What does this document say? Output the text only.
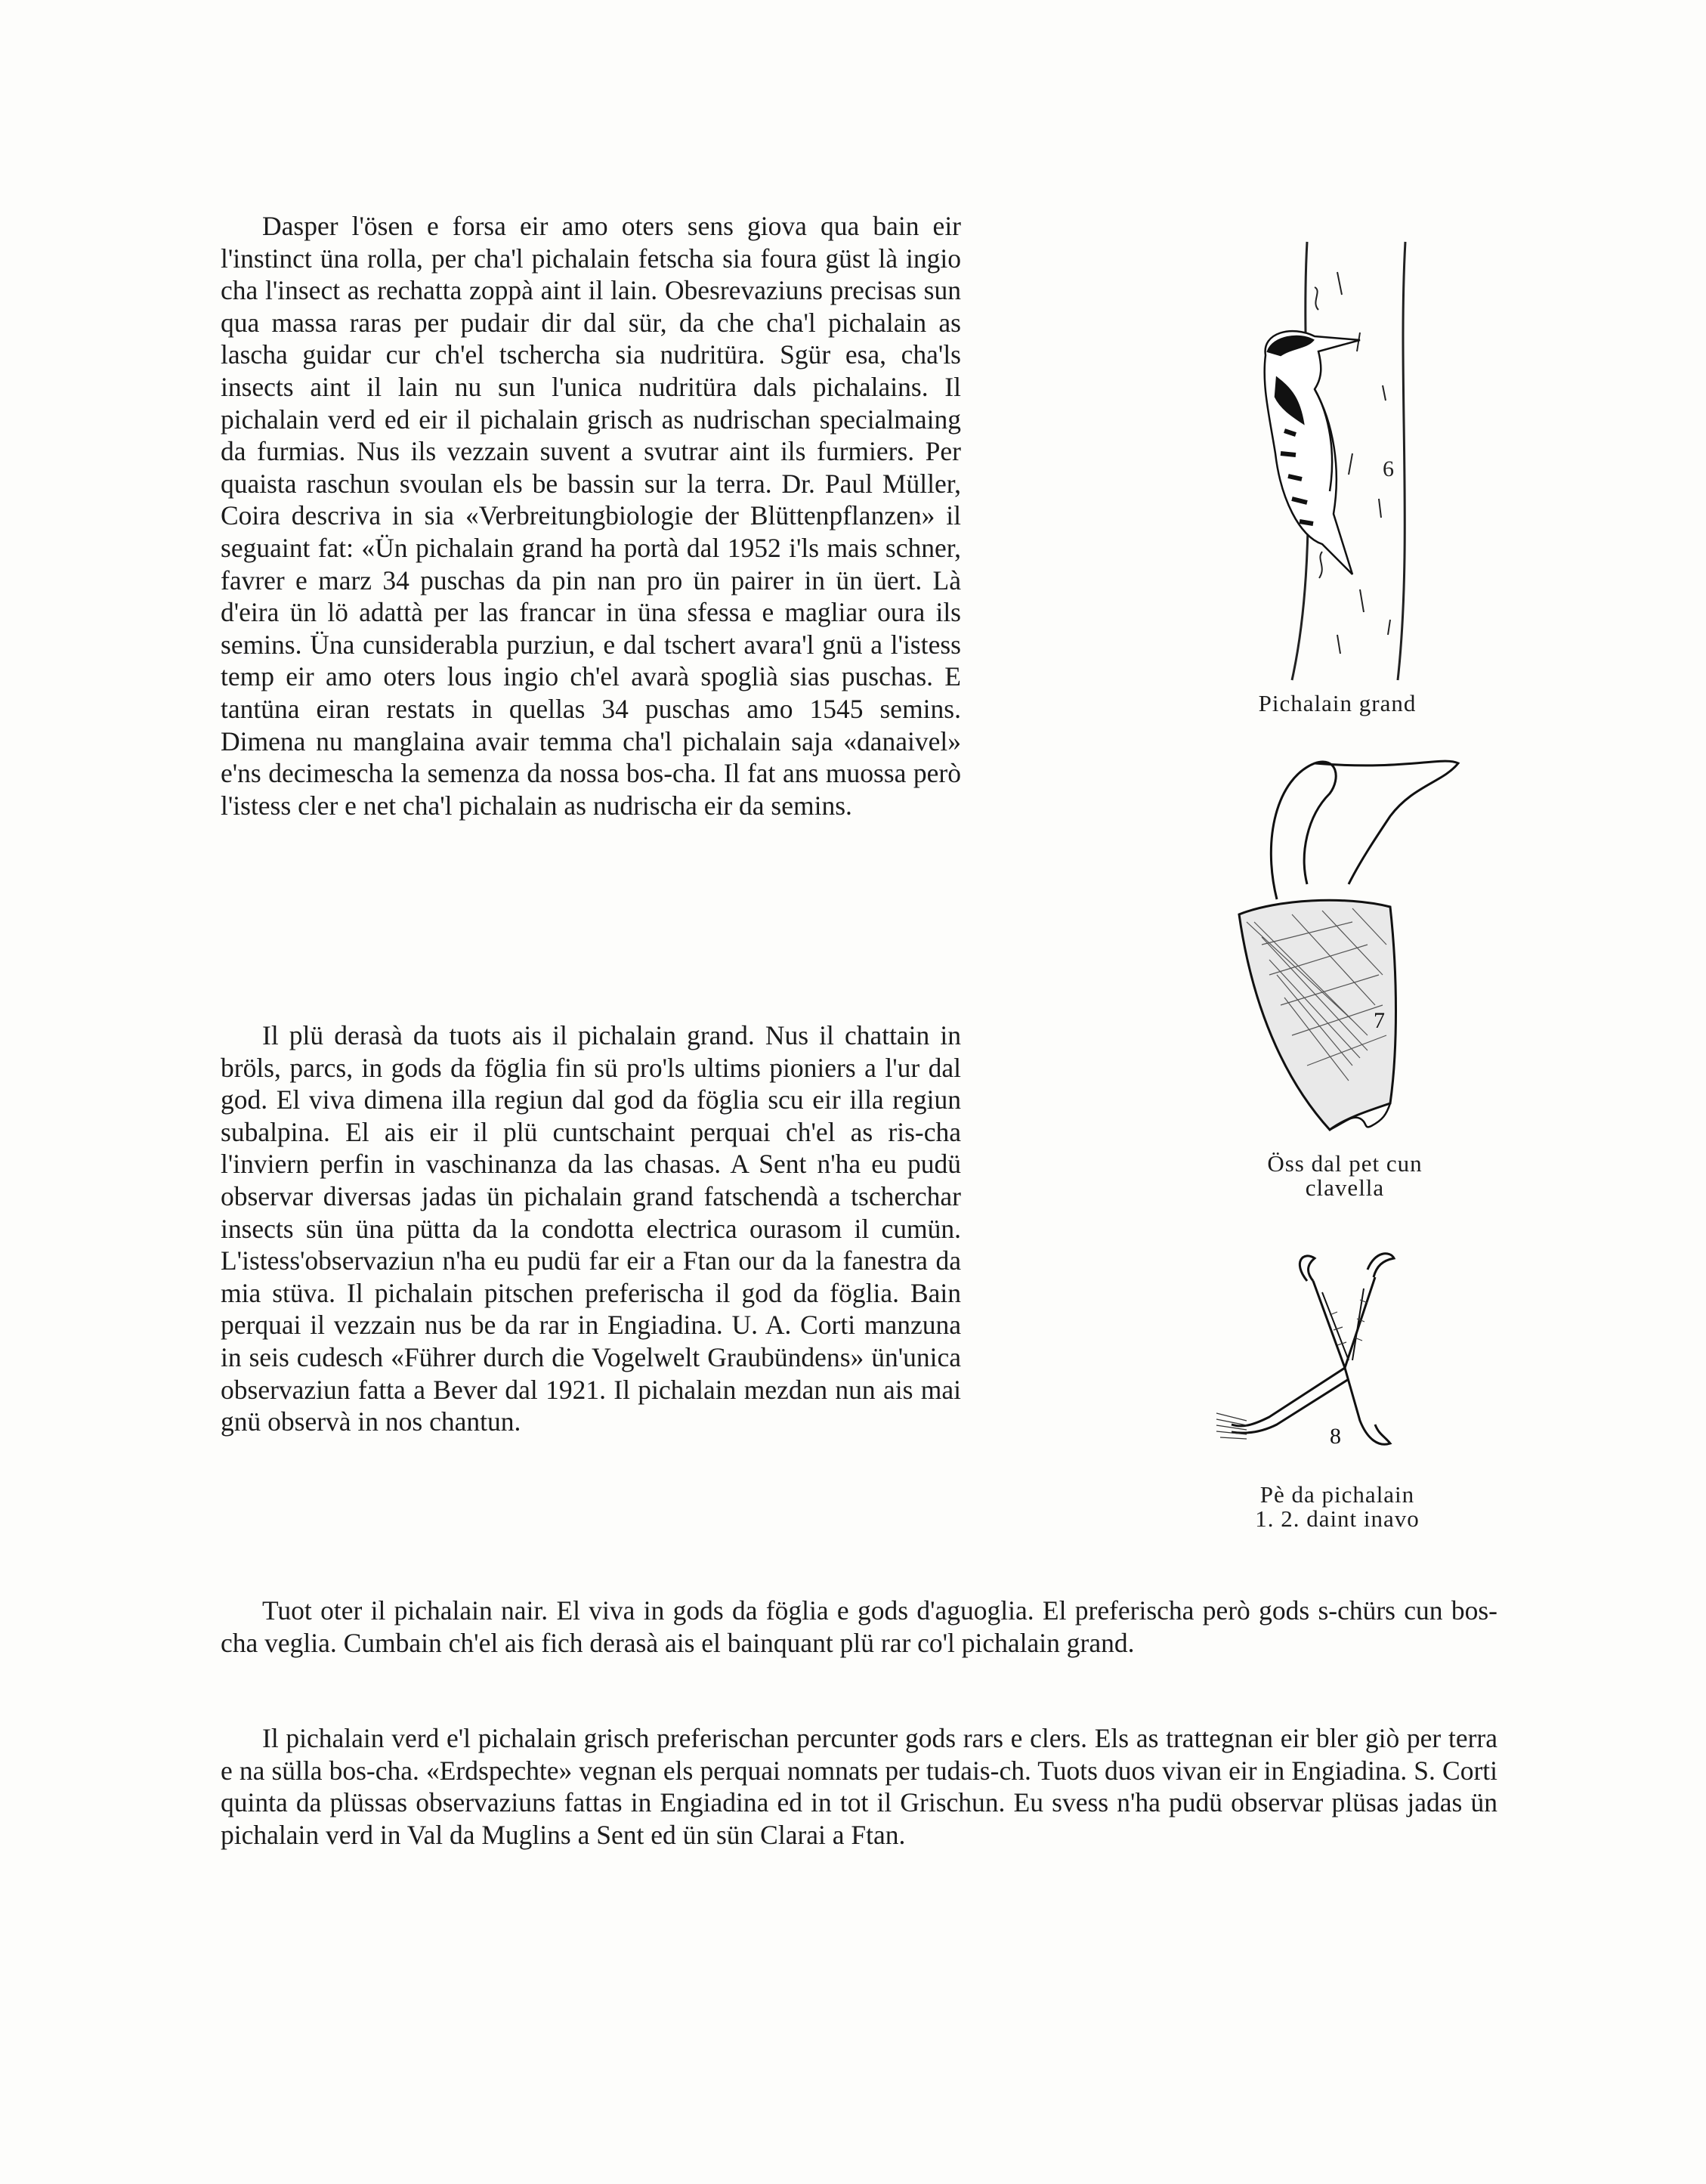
Dasper l'ösen e forsa eir amo oters sens giova qua bain eir l'instinct üna rolla, per cha'l pichalain fetscha sia foura güst là ingio cha l'insect as rechatta zoppà aint il lain. Obesrevaziuns precisas sun qua massa raras per pudair dir dal sür, da che cha'l pichalain as lascha guidar cur ch'el tschercha sia nudritüra. Sgür esa, cha'ls insects aint il lain nu sun l'unica nudritüra dals pichalains. Il pichalain verd ed eir il pichalain grisch as nudrischan specialmaing da furmias. Nus ils vezzain suvent a svutrar aint ils furmiers. Per quaista raschun svoulan els be bassin sur la terra. Dr. Paul Müller, Coira descriva in sia «Verbreitungbiologie der Blüttenpflanzen» il seguaint fat: «Ün pichalain grand ha portà dal 1952 i'ls mais schner, favrer e marz 34 puschas da pin nan pro ün pairer in ün üert. Là d'eira ün lö adattà per las francar in üna sfessa e magliar oura ils semins. Üna cunsiderabla purziun, e dal tschert avara'l gnü a l'istess temp eir amo oters lous ingio ch'el avarà spoglià sias puschas. E tantüna eiran restats in quellas 34 puschas amo 1545 semins. Dimena nu manglaina avair temma cha'l pichalain saja «danaivel» e'ns decimescha la semenza da nossa bos-cha. Il fat ans muossa però l'istess cler e net cha'l pichalain as nudrischa eir da semins.

Il plü derasà da tuots ais il pichalain grand. Nus il chattain in bröls, parcs, in gods da föglia fin sü pro'ls ultims pioniers a l'ur dal god. El viva dimena illa regiun dal god da föglia scu eir illa regiun subalpina. El ais eir il plü cuntschaint perquai ch'el as ris-cha l'inviern perfin in vaschinanza da las chasas. A Sent n'ha eu pudü observar diversas jadas ün pichalain grand fatschendà a tscherchar insects sün üna pütta da la condotta electrica ourasom il cumün. L'istess'observaziun n'ha eu pudü far eir a Ftan our da la fanestra da mia stüva. Il pichalain pitschen preferischa il god da föglia. Bain perquai il vezzain nus be da rar in Engiadina. U. A. Corti manzuna in seis cudesch «Führer durch die Vogelwelt Graubündens» ün'unica observaziun fatta a Bever dal 1921. Il pichalain mezdan nun ais mai gnü observà in nos chantun.

Tuot oter il pichalain nair. El viva in gods da föglia e gods d'aguoglia. El preferischa però gods s-chürs cun bos-cha veglia. Cumbain ch'el ais fich derasà ais el bainquant plü rar co'l pichalain grand.

Il pichalain verd e'l pichalain grisch preferischan percunter gods rars e clers. Els as trattegnan eir bler giò per terra e na sülla bos-cha. «Erdspechte» vegnan els perquai nomnats per tudais-ch. Tuots duos vivan eir in Engiadina. S. Corti quinta da plüssas observaziuns fattas in Engiadina ed in tot il Grischun. Eu svess n'ha pudü observar plüsas jadas ün pichalain verd in Val da Muglins a Sent ed ün sün Clarai a Ftan.

6
Pichalain grand
7
Öss dal pet cun
clavella
8
Pè da pichalain
1. 2. daint inavo
